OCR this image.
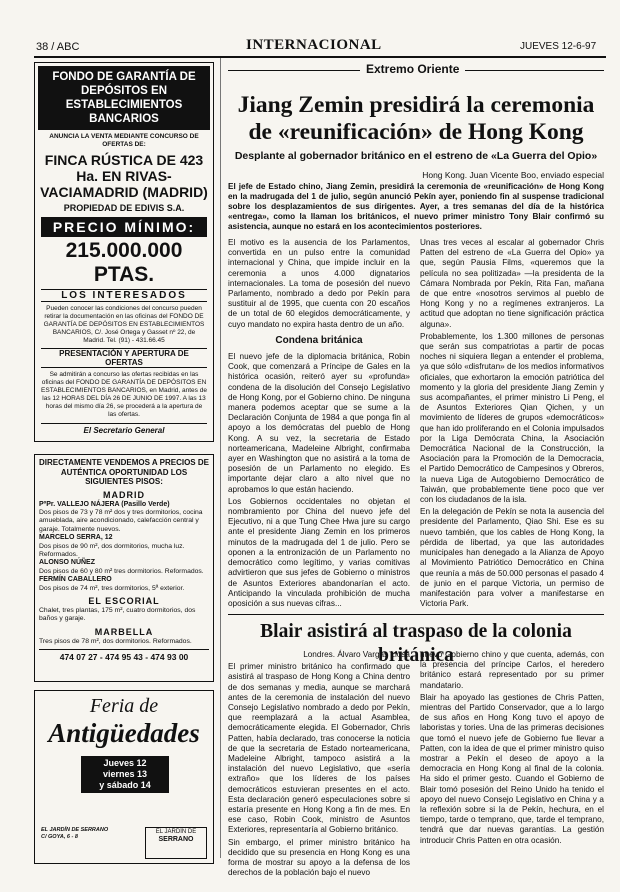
38 / ABC	INTERNACIONAL	JUEVES 12-6-97
FONDO DE GARANTÍA DE DEPÓSITOS EN ESTABLECIMIENTOS BANCARIOS
ANUNCIA LA VENTA MEDIANTE CONCURSO DE OFERTAS DE:
FINCA RÚSTICA DE 423 Ha. EN RIVAS-VACIAMADRID (MADRID)
PROPIEDAD DE EDIVIS S.A.
PRECIO MÍNIMO:
215.000.000 PTAS.
LOS INTERESADOS
Pueden conocer las condiciones del concurso pueden retirar la documentación en las oficinas del FONDO DE GARANTÍA DE DEPÓSITOS EN ESTABLECIMIENTOS BANCARIOS, C/. José Ortega y Gasset nº 22, de Madrid. Tel. (91) - 431.66.45
PRESENTACIÓN Y APERTURA DE OFERTAS
Se admitirán a concurso las ofertas recibidas en las oficinas del FONDO DE GARANTÍA DE DEPÓSITOS EN ESTABLECIMIENTOS BANCARIOS, en Madrid, antes de las 12 HORAS DEL DÍA 26 DE JUNIO DE 1997. A las 13 horas del mismo día 26, se procederá a la apertura de las ofertas.
El Secretario General
DIRECTAMENTE VENDEMOS A PRECIOS DE AUTÉNTICA OPORTUNIDAD LOS SIGUIENTES PISOS:
MADRID
PºPr. VALLEJO NÁJERA (Pasillo Verde)
Dos pisos de 73 y 78 m² dos y tres dormitorios, cocina amueblada, aire acondicionado, calefacción central y garaje. Totalmente nuevos.
MARCELO SERRA, 12
Dos pisos de 90 m², dos dormitorios, mucha luz. Reformados.
ALONSO NÚÑEZ
Dos pisos de 60 y 80 m² tres dormitorios. Reformados.
FERMÍN CABALLERO
Dos pisos de 74 m², tres dormitorios, 5ª exterior.
EL ESCORIAL
Chalet, tres plantas, 175 m², cuatro dormitorios, dos baños y garaje.
MARBELLA
Tres pisos de 78 m², dos dormitorios. Reformados.
474 07 27 - 474 95 43 - 474 93 00
Feria de
Antigüedades
Jueves 12
viernes 13
y sábado 14
EL JARDÍN DE SERRANO
C/ GOYA, 6 - 8
EL JARDÍN DE
SERRANO
Extremo Oriente
Jiang Zemin presidirá la ceremonia de «reunificación» de Hong Kong
Desplante al gobernador británico en el estreno de «La Guerra del Opio»
Hong Kong. Juan Vicente Boo, enviado especial
El jefe de Estado chino, Jiang Zemin, presidirá la ceremonia de «reunificación» de Hong Kong en la madrugada del 1 de julio, según anunció Pekín ayer, poniendo fin al suspense tradicional sobre los desplazamientos de sus dirigentes. Ayer, a tres semanas del día de la histórica «entrega», como la llaman los británicos, el nuevo primer ministro Tony Blair confirmó su asistencia, aunque no estará en los acontecimientos posteriores.

El motivo es la ausencia de los Parlamentos, convertida en un pulso entre la comunidad internacional y China, que impide incluir en la ceremonia a unos 4.000 dignatarios internacionales. La toma de posesión del nuevo Parlamento, nombrado a dedo por Pekín para sustituir al de 1995, que cuenta con 20 escaños de un total de 60 elegidos democráticamente, y cuyo mandato no expira hasta dentro de un año.

Condena británica

El nuevo jefe de la diplomacia británica, Robin Cook, que comenzará a Príncipe de Gales en la histórica ocasión, reiteró ayer su «profunda» condena de la disolución del Consejo Legislativo de Hong Kong, por el Gobierno chino. De ninguna manera podemos aceptar que se sume a la Declaración Conjunta de 1984 a que ponga fin al apoyo a los demócratas del pueblo de Hong Kong. A su vez, la secretaria de Estado norteamericana, Madeleine Albright, confirmaba ayer en Washington que no asistirá a la toma de posesión de un Parlamento no elegido. Es importante dejar claro a alto nivel que no aprobamos lo que están haciendo.

Los Gobiernos occidentales no objetan el nombramiento por China del nuevo jefe del Ejecutivo, ni a que Tung Chee Hwa jure su cargo ante el presidente Jiang Zemin en los primeros minutos de la madrugada del 1 de julio. Pero se oponen a la entronización de un Parlamento no democrático como legítimo, y varias comitivas advirtieron que sus jefes de Gobierno o ministros de Asuntos Exteriores abandonarían el acto. Anticipando la vinculada prohibición de mucha oposición a sus nuevas cifras...

Unas tres veces al escalar al gobernador Chris Patten del estreno de «La Guerra del Opio» ya que, según Pausia Films, «queremos que la película no sea politizada» —la presidenta de la Cámara Nombrada por Pekín, Rita Fan, mañana de que entre «nosotros servimos al pueblo de Hong Kong y no a regímenes extranjeros. La actitud que adoptan no tiene significación práctica alguna».

Probablemente, los 1.300 millones de personas que serán sus compatriotas a partir de pocas noches ni siquiera llegan a entender el problema, ya que sólo «disfrutan» de los medios informativos oficiales, que exhortaron la emoción patriótica del momento y la gloria del presidente Jiang Zemin y sus acompañantes, el primer ministro Li Peng, el de Asuntos Exteriores Qian Qichen, y un movimiento de líderes de grupos «democráticos» que han ido proliferando en el Colonia impulsados por la Liga Demócrata China, la Asociación Democrática Nacional de la Construcción, la Asociación para la Promoción de la Democracia, el Partido Democrático de Campesinos y Obreros, la nueva Liga de Autogobierno Democrático de Taiwán, que probablemente tiene poco que ver con los ciudadanos de la isla.

En la delegación de Pekín se nota la ausencia del presidente del Parlamento, Qiao Shi. Ese es su nuevo también, que los cables de Hong Kong, la pérdida de libertad, ya que las autoridades municipales han denegado a la Alianza de Apoyo al Movimiento Patriótico Democrático en China que reunía a más de 50.000 personas el pasado 4 de junio en el parque Victoria, un permiso de manifestación para volver a manifestarse en Victoria Park.

Blair asistirá al traspaso de la colonia británica
Londres. Álvaro Vargas Llosa

El primer ministro británico ha confirmado que asistirá al traspaso de Hong Kong a China dentro de dos semanas y media, aunque se marchará antes de la ceremonia de instalación del nuevo Consejo Legislativo nombrado a dedo por Pekín, que reemplazará a la actual Asamblea, democráticamente elegida. El Gobernador, Chris Patten, había declarado, tras conocerse la noticia de que la secretaria de Estado norteamericana, Madeleine Albright, tampoco asistirá a la instalación del nuevo Legislativo, que «sería extraño» que los líderes de los países democráticos estuvieran presentes en el acto. Esta declaración generó especulaciones sobre si estaría presente en Hong Kong a fin de mes. En ese caso, Robin Cook, ministro de Asuntos Exteriores, representaría al Gobierno británico.

Sin embargo, el primer ministro británico ha decidido que su presencia en Hong Kong es una forma de mostrar su apoyo a la defensa de los derechos de la población bajo el nuevo

nuevo Gobierno chino y que cuenta, además, con la presencia del príncipe Carlos, el heredero británico estará representado por su primer mandatario.

Blair ha apoyado las gestiones de Chris Patten, mientras del Partido Conservador, que a lo largo de sus años en Hong Kong tuvo el apoyo de laboristas y tories. Una de las primeras decisiones que tomó el nuevo jefe de Gobierno fue llevar a Patten, con la idea de que el primer ministro quiso mostrar a Pekín el deseo de apoyo a la democracia en Hong Kong al final de la colonia. Ha sido el primer gesto. Cuando el Gobierno de Blair tomó posesión del Reino Unido ha tenido el apoyo del nuevo Consejo Legislativo en China y a la reflexión sobre si la de Pekín, hechura, en el tiempo, tarde o temprano, que, tarde el temprano, tendrá que dar nuevas garantías. La gestión introducir Chris Patten en otra ocasión.
